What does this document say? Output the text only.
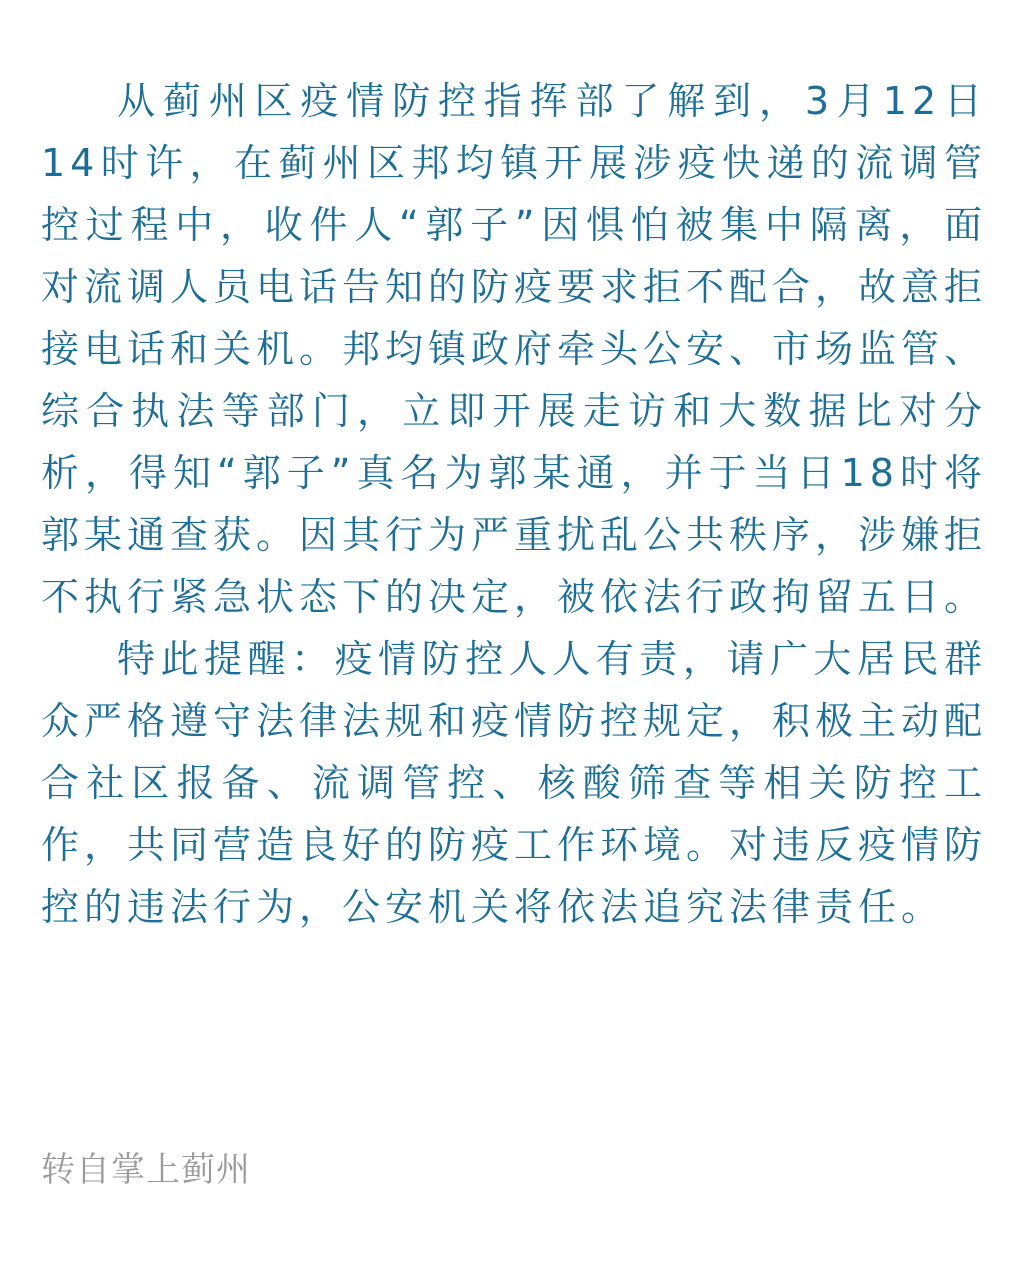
从蓟州区疫情防控指挥部了解到，3月12日14时许，在蓟州区邦均镇开展涉疫快递的流调管控过程中，收件人“郭子”因惧怕被集中隔离，面对流调人员电话告知的防疫要求拒不配合，故意拒接电话和关机。邦均镇政府牵头公安、市场监管、综合执法等部门，立即开展走访和大数据比对分析，得知“郭子”真名为郭某通，并于当日18时将郭某通查获。因其行为严重扰乱公共秩序，涉嫌拒不执行紧急状态下的决定，被依法行政拘留五日。

特此提醒：疫情防控人人有责，请广大居民群众严格遵守法律法规和疫情防控规定，积极主动配合社区报备、流调管控、核酸筛查等相关防控工作，共同营造良好的防疫工作环境。对违反疫情防控的违法行为，公安机关将依法追究法律责任。

转自掌上蓟州
